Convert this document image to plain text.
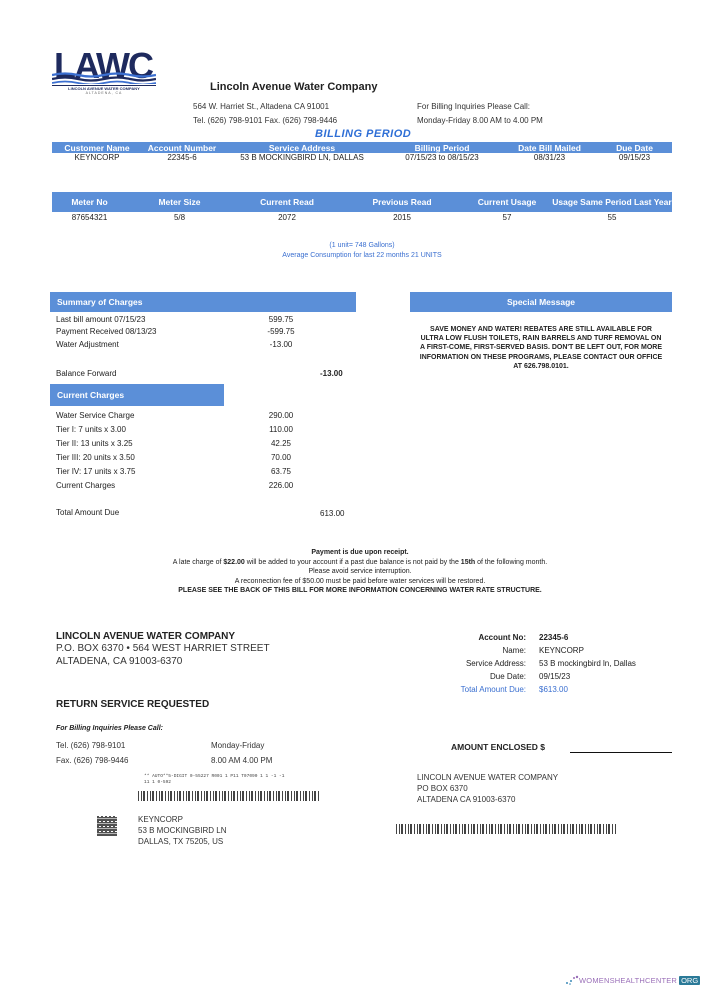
LAWC
LINCOLN AVENUE WATER COMPANY
ALTADENA, CA	Lincoln Avenue Water Company
564 W. Harriet St., Altadena CA 91001
Tel. (626) 798-9101 Fax. (626) 798-9446
For Billing Inquiries Please Call:
Monday-Friday 8.00 AM to 4.00 PM
BILLING PERIOD
Customer Name	Account Number	Service Address	Billing Period	Date Bill Mailed	Due Date
KEYNCORP	22345-6	53 B MOCKINGBIRD LN, DALLAS	07/15/23 to 08/15/23	08/31/23	09/15/23
Meter No	Meter Size	Current Read	Previous Read	Current Usage	Usage Same Period Last Year
87654321	5/8	2072	2015	57	55
(1 unit= 748 Gallons)
Average Consumption for last 22 months 21 UNITS
Summary of Charges
Last bill amount 07/15/23	599.75
Payment Received 08/13/23	-599.75
Water Adjustment	-13.00
Balance Forward	-13.00
Current Charges
Water Service Charge	290.00
Tier I: 7 units x 3.00	110.00
Tier II: 13 units x 3.25	42.25
Tier III: 20 units x 3.50	70.00
Tier IV: 17 units x 3.75	63.75
Current Charges	226.00
Total Amount Due	613.00
Special Message
SAVE MONEY AND WATER! REBATES ARE STILL AVAILABLE FOR ULTRA LOW FLUSH TOILETS, RAIN BARRELS AND TURF REMOVAL ON A FIRST-COME, FIRST-SERVED BASIS. DON'T BE LEFT OUT, FOR MORE INFORMATION ON THESE PROGRAMS, PLEASE CONTACT OUR OFFICE AT 626.798.0101.
Payment is due upon receipt.
A late charge of $22.00 will be added to your account if a past due balance is not paid by the 15th of the following month.
Please avoid service interruption.
A reconnection fee of $50.00 must be paid before water services will be restored.
PLEASE SEE THE BACK OF THIS BILL FOR MORE INFORMATION CONCERNING WATER RATE STRUCTURE.
LINCOLN AVENUE WATER COMPANY
P.O. BOX 6370 • 564 WEST HARRIET STREET
ALTADENA, CA 91003-6370
RETURN SERVICE REQUESTED
For Billing Inquiries Please Call:
Tel. (626) 798-9101
Fax. (626) 798-9446
Monday-Friday
8.00 AM 4.00 PM
** AUTO**5-DIGIT 0-55227 R001 1 P11 T07090 1 1 -1 -1
11 1 0-592
KEYNCORP
53 B MOCKINGBIRD LN
DALLAS, TX 75205, US
Account No: 22345-6
Name: KEYNCORP
Service Address: 53 B mockingbird ln, Dallas
Due Date: 09/15/23
Total Amount Due: $613.00
AMOUNT ENCLOSED $
LINCOLN AVENUE WATER COMPANY
PO BOX 6370
ALTADENA CA 91003-6370
WOMENSHEALTHCENTER ORG
